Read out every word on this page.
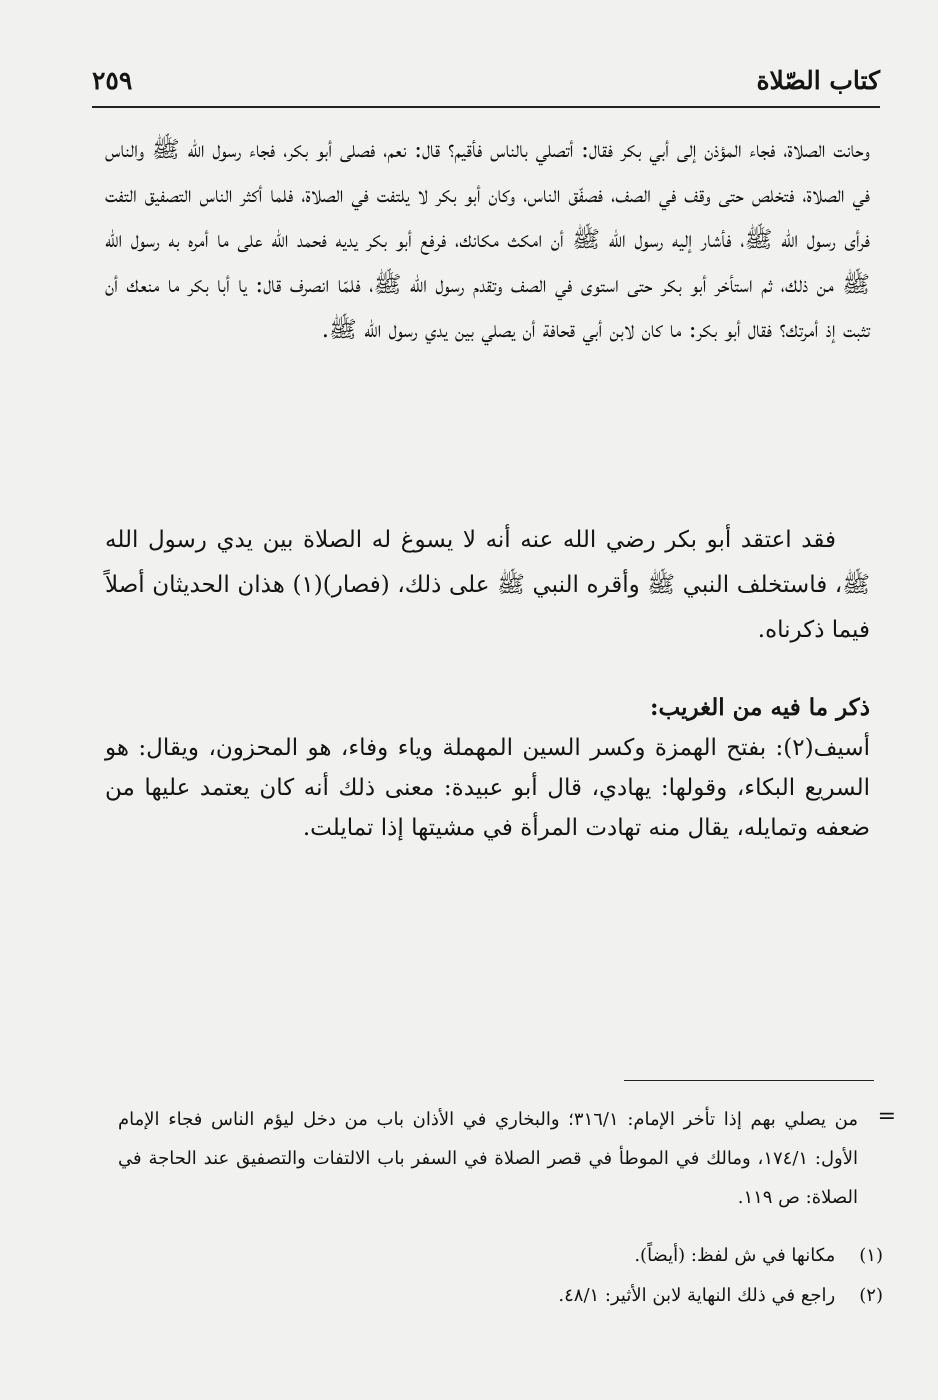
كتاب الصّلاة
٢٥٩

وحانت الصلاة، فجاء المؤذن إلى أبي بكر فقال: أتصلي بالناس فأقيم؟ قال: نعم، فصلى أبو بكر، فجاء رسول الله ﷺ والناس في الصلاة، فتخلص حتى وقف في الصف، فصفّق الناس، وكان أبو بكر لا يلتفت في الصلاة، فلما أكثر الناس التصفيق التفت فرأى رسول الله ﷺ، فأشار إليه رسول الله ﷺ أن امكث مكانك، فرفع أبو بكر يديه فحمد الله على ما أمره به رسول الله ﷺ من ذلك، ثم استأخر أبو بكر حتى استوى في الصف وتقدم رسول الله ﷺ، فلمّا انصرف قال: يا أبا بكر ما منعك أن تثبت إذ أمرتك؟ فقال أبو بكر: ما كان لابن أبي قحافة أن يصلي بين يدي رسول الله ﷺ.

فقد اعتقد أبو بكر رضي الله عنه أنه لا يسوغ له الصلاة بين يدي رسول الله ﷺ، فاستخلف النبي ﷺ وأقره النبي ﷺ على ذلك، (فصار)(١) هذان الحديثان أصلاً فيما ذكرناه.

ذكر ما فيه من الغريب:

أسيف(٢): بفتح الهمزة وكسر السين المهملة وياء وفاء، هو المحزون، ويقال: هو السريع البكاء، وقولها: يهادي، قال أبو عبيدة: معنى ذلك أنه كان يعتمد عليها من ضعفه وتمايله، يقال منه تهادت المرأة في مشيتها إذا تمايلت.

=

من يصلي بهم إذا تأخر الإمام: ٣١٦/١؛ والبخاري في الأذان باب من دخل ليؤم الناس فجاء الإمام الأول: ١٧٤/١، ومالك في الموطأ في قصر الصلاة في السفر باب الالتفات والتصفيق عند الحاجة في الصلاة: ص ١١٩.

(١) مكانها في ش لفظ: (أيضاً).
(٢) راجع في ذلك النهاية لابن الأثير: ٤٨/١.
